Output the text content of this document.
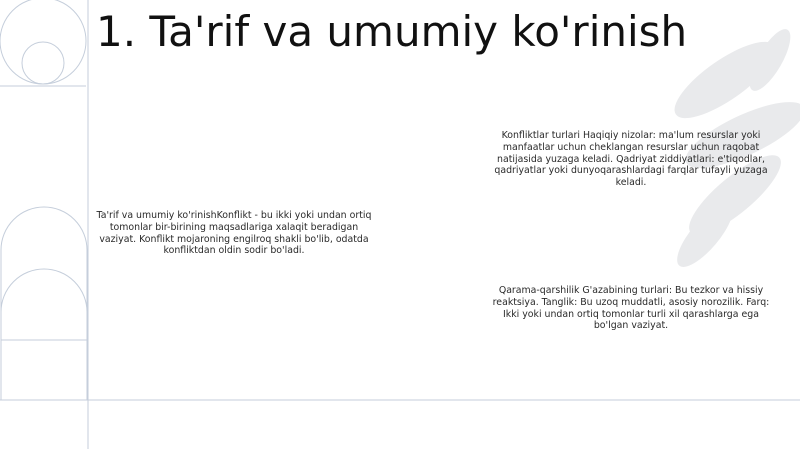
1. Ta'rif va umumiy ko'rinish
Ta'rif va umumiy ko'rinishKonflikt - bu ikki yoki undan ortiq tomonlar bir-birining maqsadlariga xalaqit beradigan vaziyat. Konflikt mojaroning engilroq shakli bo'lib, odatda konfliktdan oldin sodir bo'ladi.
Konfliktlar turlari Haqiqiy nizolar: ma'lum resurslar yoki manfaatlar uchun cheklangan resurslar uchun raqobat natijasida yuzaga keladi. Qadriyat ziddiyatlari: e'tiqodlar, qadriyatlar yoki dunyoqarashlardagi farqlar tufayli yuzaga keladi.
Qarama-qarshilik G'azabining turlari: Bu tezkor va hissiy reaktsiya. Tanglik: Bu uzoq muddatli, asosiy norozilik. Farq: Ikki yoki undan ortiq tomonlar turli xil qarashlarga ega bo'lgan vaziyat.
